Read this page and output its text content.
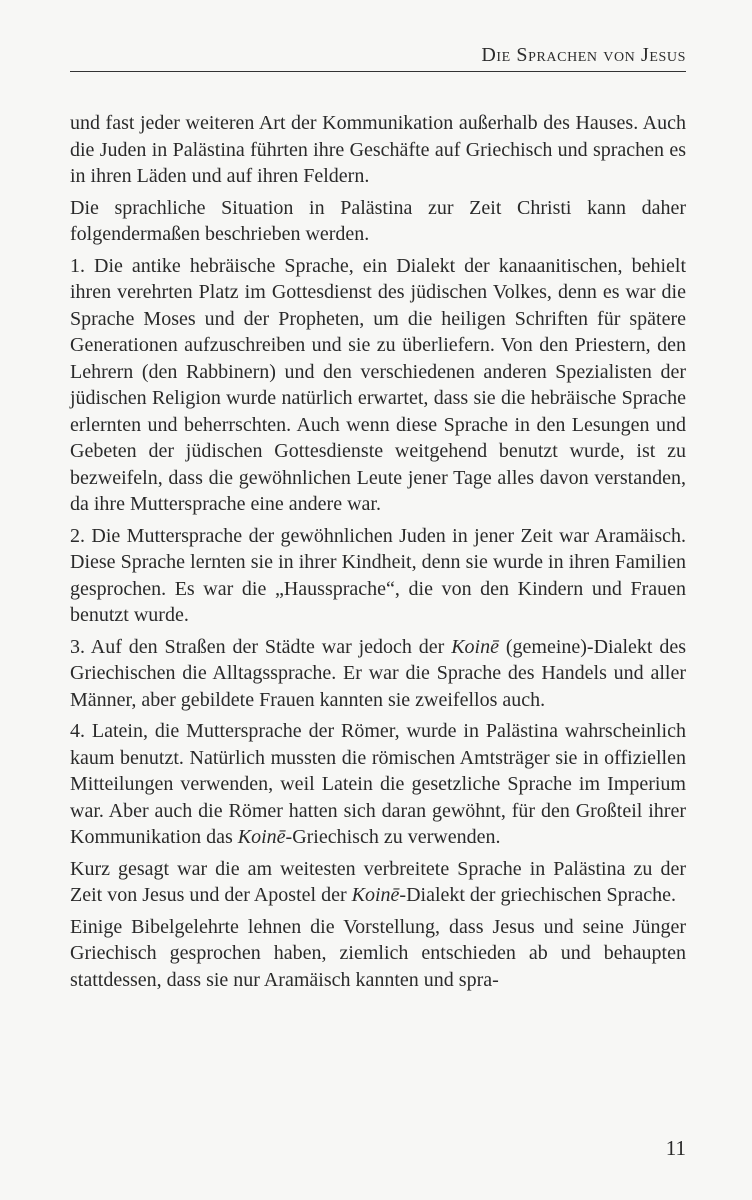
Die Sprachen von Jesus

und fast jeder weiteren Art der Kommunikation außerhalb des Hauses. Auch die Juden in Palästina führten ihre Geschäfte auf Griechisch und sprachen es in ihren Läden und auf ihren Feldern.

Die sprachliche Situation in Palästina zur Zeit Christi kann daher folgendermaßen beschrieben werden.

1. Die antike hebräische Sprache, ein Dialekt der kanaanitischen, behielt ihren verehrten Platz im Gottesdienst des jüdischen Volkes, denn es war die Sprache Moses und der Propheten, um die heiligen Schriften für spätere Generationen aufzuschreiben und sie zu überliefern. Von den Priestern, den Lehrern (den Rabbinern) und den verschiedenen anderen Spezialisten der jüdischen Religion wurde natürlich erwartet, dass sie die hebräische Sprache erlernten und beherrschten. Auch wenn diese Sprache in den Lesungen und Gebeten der jüdischen Gottesdienste weitgehend benutzt wurde, ist zu bezweifeln, dass die gewöhnlichen Leute jener Tage alles davon verstanden, da ihre Muttersprache eine andere war.

2. Die Muttersprache der gewöhnlichen Juden in jener Zeit war Aramäisch. Diese Sprache lernten sie in ihrer Kindheit, denn sie wurde in ihren Familien gesprochen. Es war die „Haussprache“, die von den Kindern und Frauen benutzt wurde.

3. Auf den Straßen der Städte war jedoch der Koinē (gemeine)-Dialekt des Griechischen die Alltagssprache. Er war die Sprache des Handels und aller Männer, aber gebildete Frauen kannten sie zweifellos auch.

4. Latein, die Muttersprache der Römer, wurde in Palästina wahrscheinlich kaum benutzt. Natürlich mussten die römischen Amtsträger sie in offiziellen Mitteilungen verwenden, weil Latein die gesetzliche Sprache im Imperium war. Aber auch die Römer hatten sich daran gewöhnt, für den Großteil ihrer Kommunikation das Koinē-Griechisch zu verwenden.

Kurz gesagt war die am weitesten verbreitete Sprache in Palästina zu der Zeit von Jesus und der Apostel der Koinē-Dialekt der griechischen Sprache.

Einige Bibelgelehrte lehnen die Vorstellung, dass Jesus und seine Jünger Griechisch gesprochen haben, ziemlich entschieden ab und behaupten stattdessen, dass sie nur Aramäisch kannten und spra-

11
